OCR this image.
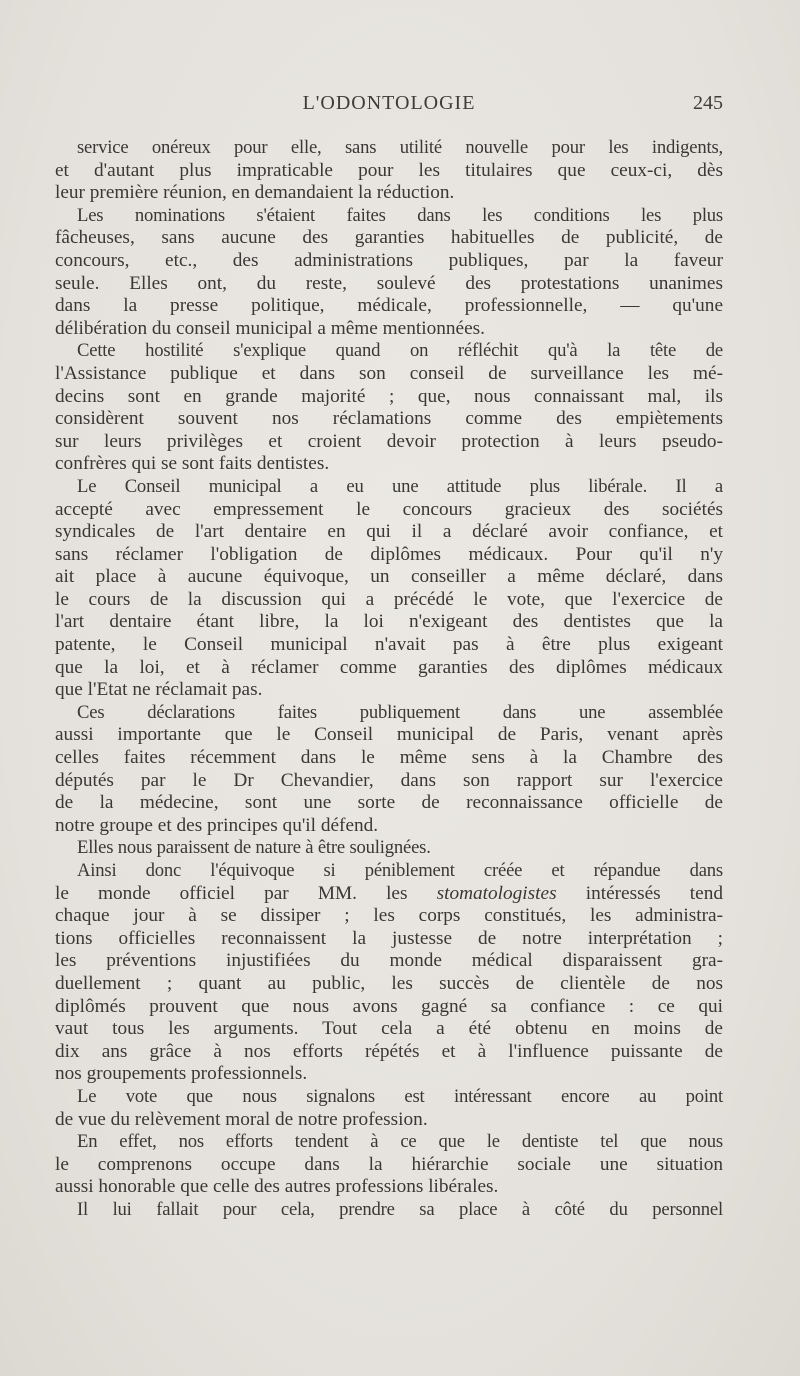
L'ODONTOLOGIE	245
service onéreux pour elle, sans utilité nouvelle pour les indigents,
et d'autant plus impraticable pour les titulaires que ceux-ci, dès
leur première réunion, en demandaient la réduction.
Les nominations s'étaient faites dans les conditions les plus
fâcheuses, sans aucune des garanties habituelles de publicité, de
concours, etc., des administrations publiques, par la faveur
seule. Elles ont, du reste, soulevé des protestations unanimes
dans la presse politique, médicale, professionnelle, — qu'une
délibération du conseil municipal a même mentionnées.
Cette hostilité s'explique quand on réfléchit qu'à la tête de
l'Assistance publique et dans son conseil de surveillance les mé-
decins sont en grande majorité ; que, nous connaissant mal, ils
considèrent souvent nos réclamations comme des empiètements
sur leurs privilèges et croient devoir protection à leurs pseudo-
confrères qui se sont faits dentistes.
Le Conseil municipal a eu une attitude plus libérale. Il a
accepté avec empressement le concours gracieux des sociétés
syndicales de l'art dentaire en qui il a déclaré avoir confiance, et
sans réclamer l'obligation de diplômes médicaux. Pour qu'il n'y
ait place à aucune équivoque, un conseiller a même déclaré, dans
le cours de la discussion qui a précédé le vote, que l'exercice de
l'art dentaire étant libre, la loi n'exigeant des dentistes que la
patente, le Conseil municipal n'avait pas à être plus exigeant
que la loi, et à réclamer comme garanties des diplômes médicaux
que l'Etat ne réclamait pas.
Ces déclarations faites publiquement dans une assemblée
aussi importante que le Conseil municipal de Paris, venant après
celles faites récemment dans le même sens à la Chambre des
députés par le Dr Chevandier, dans son rapport sur l'exercice
de la médecine, sont une sorte de reconnaissance officielle de
notre groupe et des principes qu'il défend.
Elles nous paraissent de nature à être soulignées.
Ainsi donc l'équivoque si péniblement créée et répandue dans
le monde officiel par MM. les stomatologistes intéressés tend
chaque jour à se dissiper ; les corps constitués, les administra-
tions officielles reconnaissent la justesse de notre interprétation ;
les préventions injustifiées du monde médical disparaissent gra-
duellement ; quant au public, les succès de clientèle de nos
diplômés prouvent que nous avons gagné sa confiance : ce qui
vaut tous les arguments. Tout cela a été obtenu en moins de
dix ans grâce à nos efforts répétés et à l'influence puissante de
nos groupements professionnels.
Le vote que nous signalons est intéressant encore au point
de vue du relèvement moral de notre profession.
En effet, nos efforts tendent à ce que le dentiste tel que nous
le comprenons occupe dans la hiérarchie sociale une situation
aussi honorable que celle des autres professions libérales.
Il lui fallait pour cela, prendre sa place à côté du personnel
